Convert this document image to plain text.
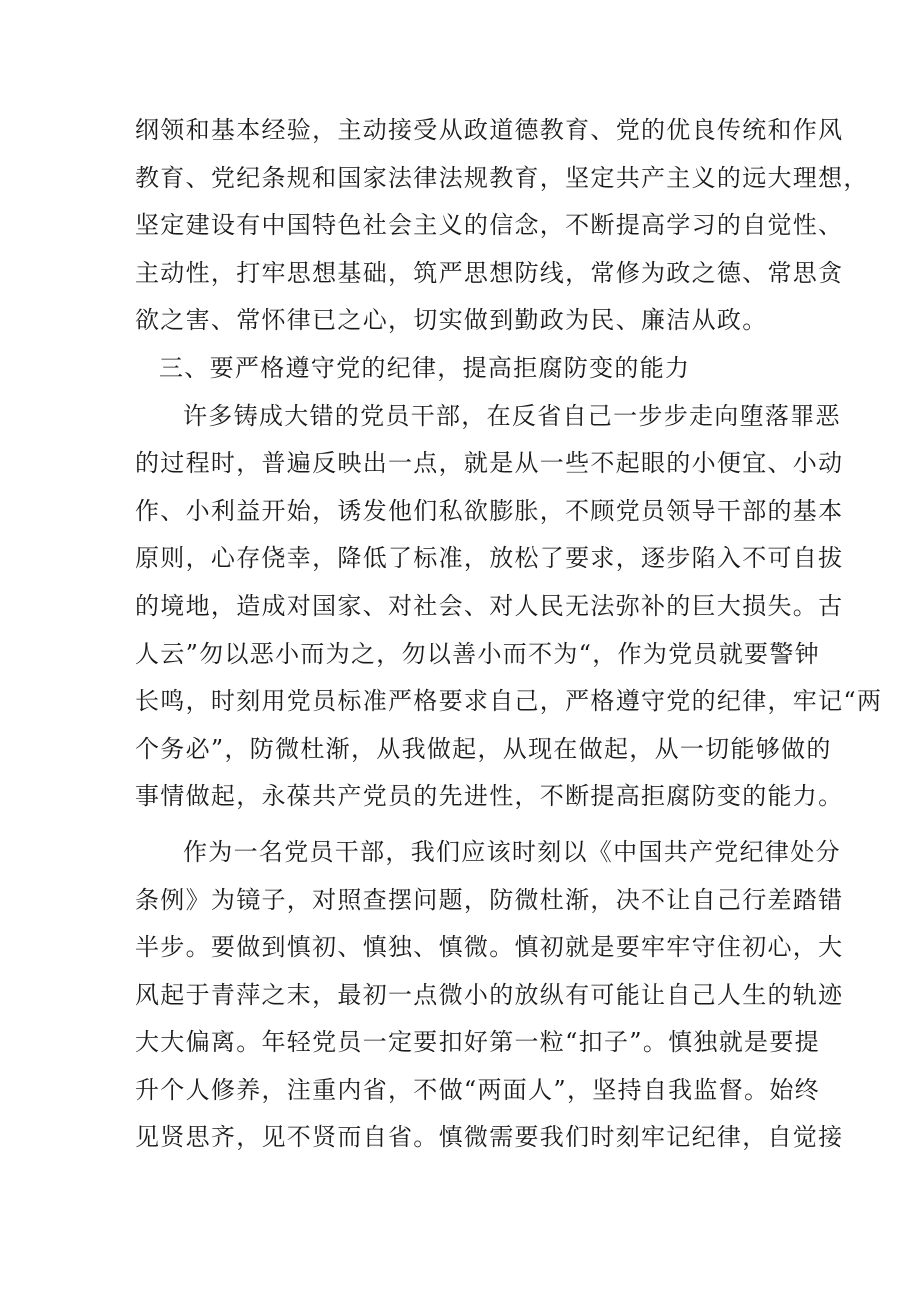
纲领和基本经验，主动接受从政道德教育、党的优良传统和作风
教育、党纪条规和国家法律法规教育，坚定共产主义的远大理想，
坚定建设有中国特色社会主义的信念，不断提高学习的自觉性、
主动性，打牢思想基础，筑严思想防线，常修为政之德、常思贪
欲之害、常怀律已之心，切实做到勤政为民、廉洁从政。
三、要严格遵守党的纪律，提高拒腐防变的能力
许多铸成大错的党员干部，在反省自己一步步走向堕落罪恶
的过程时，普遍反映出一点，就是从一些不起眼的小便宜、小动
作、小利益开始，诱发他们私欲膨胀，不顾党员领导干部的基本
原则，心存侥幸，降低了标准，放松了要求，逐步陷入不可自拔
的境地，造成对国家、对社会、对人民无法弥补的巨大损失。古
人云”勿以恶小而为之，勿以善小而不为“，作为党员就要警钟
长鸣，时刻用党员标准严格要求自己，严格遵守党的纪律，牢记“两
个务必”，防微杜渐，从我做起，从现在做起，从一切能够做的
事情做起，永葆共产党员的先进性，不断提高拒腐防变的能力。
作为一名党员干部，我们应该时刻以《中国共产党纪律处分
条例》为镜子，对照查摆问题，防微杜渐，决不让自己行差踏错
半步。要做到慎初、慎独、慎微。慎初就是要牢牢守住初心，大
风起于青萍之末，最初一点微小的放纵有可能让自己人生的轨迹
大大偏离。年轻党员一定要扣好第一粒“扣子”。慎独就是要提
升个人修养，注重内省，不做“两面人”，坚持自我监督。始终
见贤思齐，见不贤而自省。慎微需要我们时刻牢记纪律，自觉接
